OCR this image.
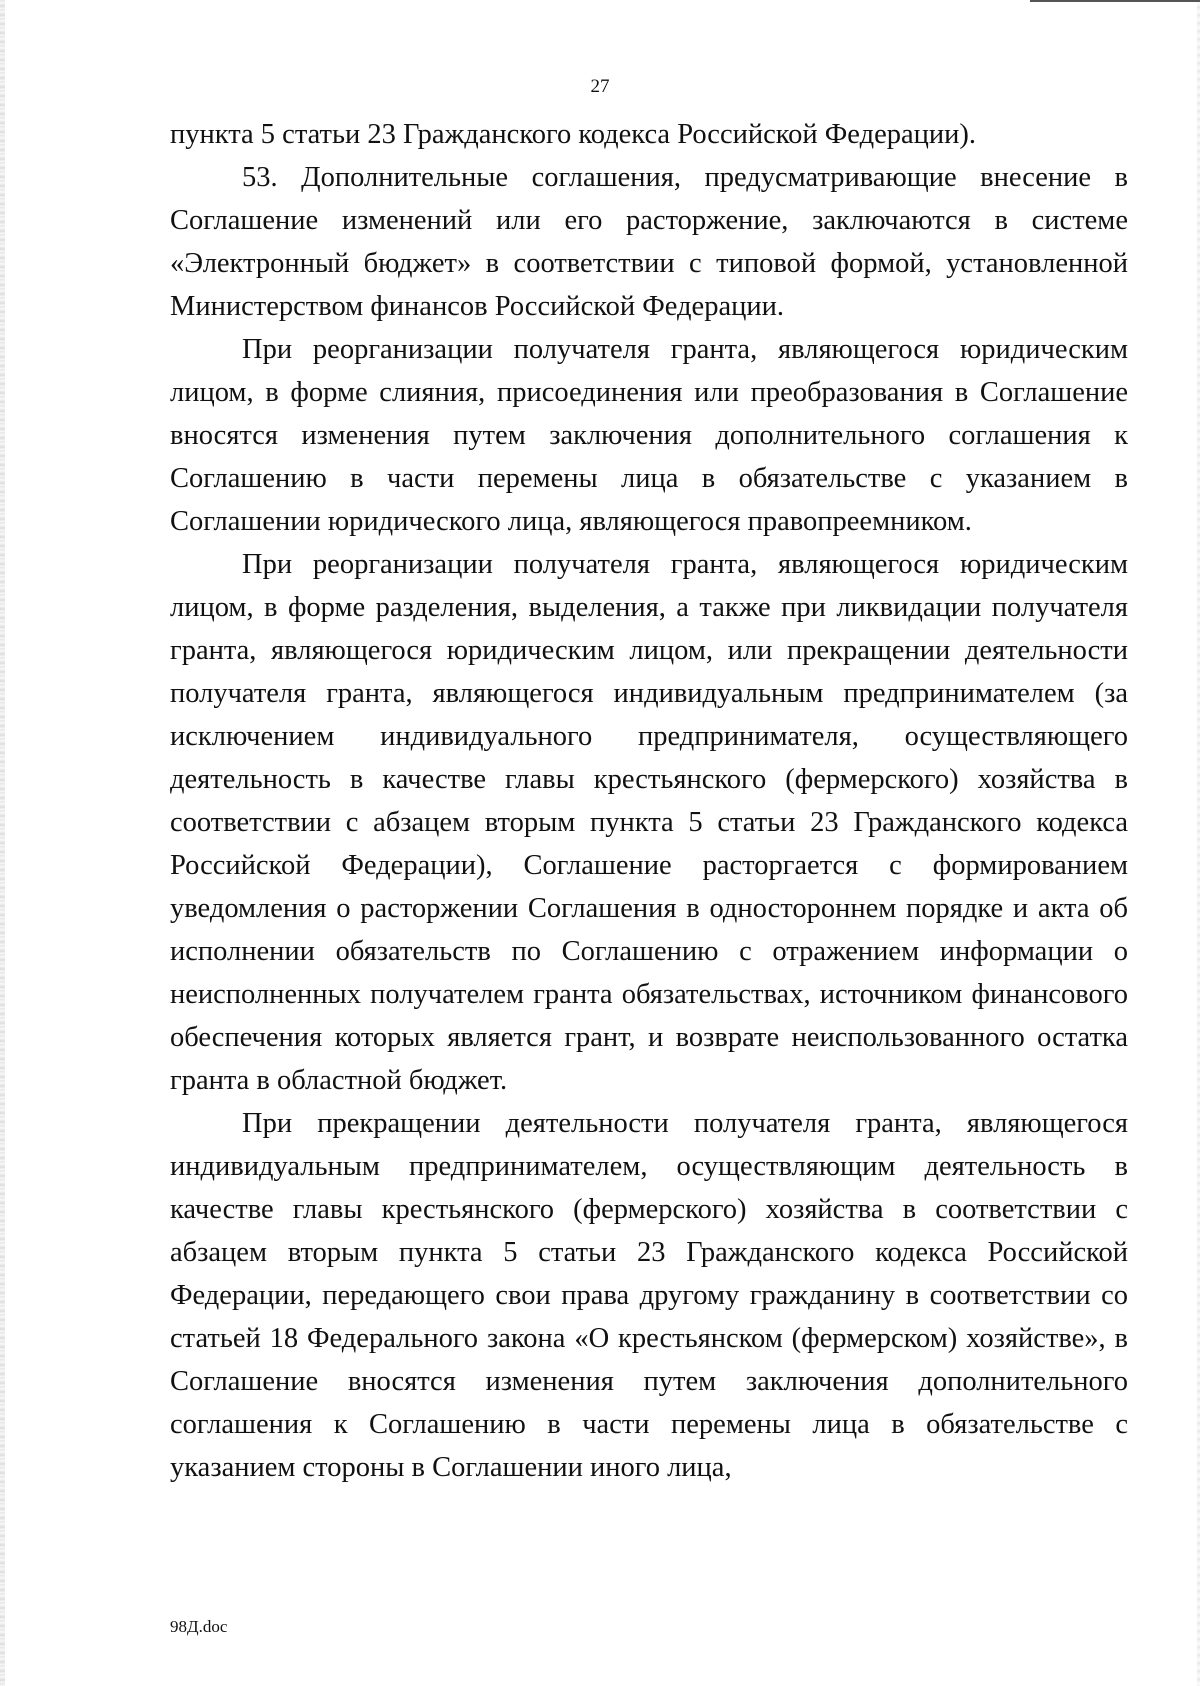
27

пункта 5 статьи 23 Гражданского кодекса Российской Федерации).

53. Дополнительные соглашения, предусматривающие внесение в Соглашение изменений или его расторжение, заключаются в системе «Электронный бюджет» в соответствии с типовой формой, установленной Министерством финансов Российской Федерации.

При реорганизации получателя гранта, являющегося юридическим лицом, в форме слияния, присоединения или преобразования в Соглашение вносятся изменения путем заключения дополнительного соглашения к Соглашению в части перемены лица в обязательстве с указанием в Соглашении юридического лица, являющегося правопреемником.

При реорганизации получателя гранта, являющегося юридическим лицом, в форме разделения, выделения, а также при ликвидации получателя гранта, являющегося юридическим лицом, или прекращении деятельности получателя гранта, являющегося индивидуальным предпринимателем (за исключением индивидуального предпринимателя, осуществляющего деятельность в качестве главы крестьянского (фермерского) хозяйства в соответствии с абзацем вторым пункта 5 статьи 23 Гражданского кодекса Российской Федерации), Соглашение расторгается с формированием уведомления о расторжении Соглашения в одностороннем порядке и акта об исполнении обязательств по Соглашению с отражением информации о неисполненных получателем гранта обязательствах, источником финансового обеспечения которых является грант, и возврате неиспользованного остатка гранта в областной бюджет.

При прекращении деятельности получателя гранта, являющегося индивидуальным предпринимателем, осуществляющим деятельность в качестве главы крестьянского (фермерского) хозяйства в соответствии с абзацем вторым пункта 5 статьи 23 Гражданского кодекса Российской Федерации, передающего свои права другому гражданину в соответствии со статьей 18 Федерального закона «О крестьянском (фермерском) хозяйстве», в Соглашение вносятся изменения путем заключения дополнительного соглашения к Соглашению в части перемены лица в обязательстве с указанием стороны в Соглашении иного лица,

98Д.doc
